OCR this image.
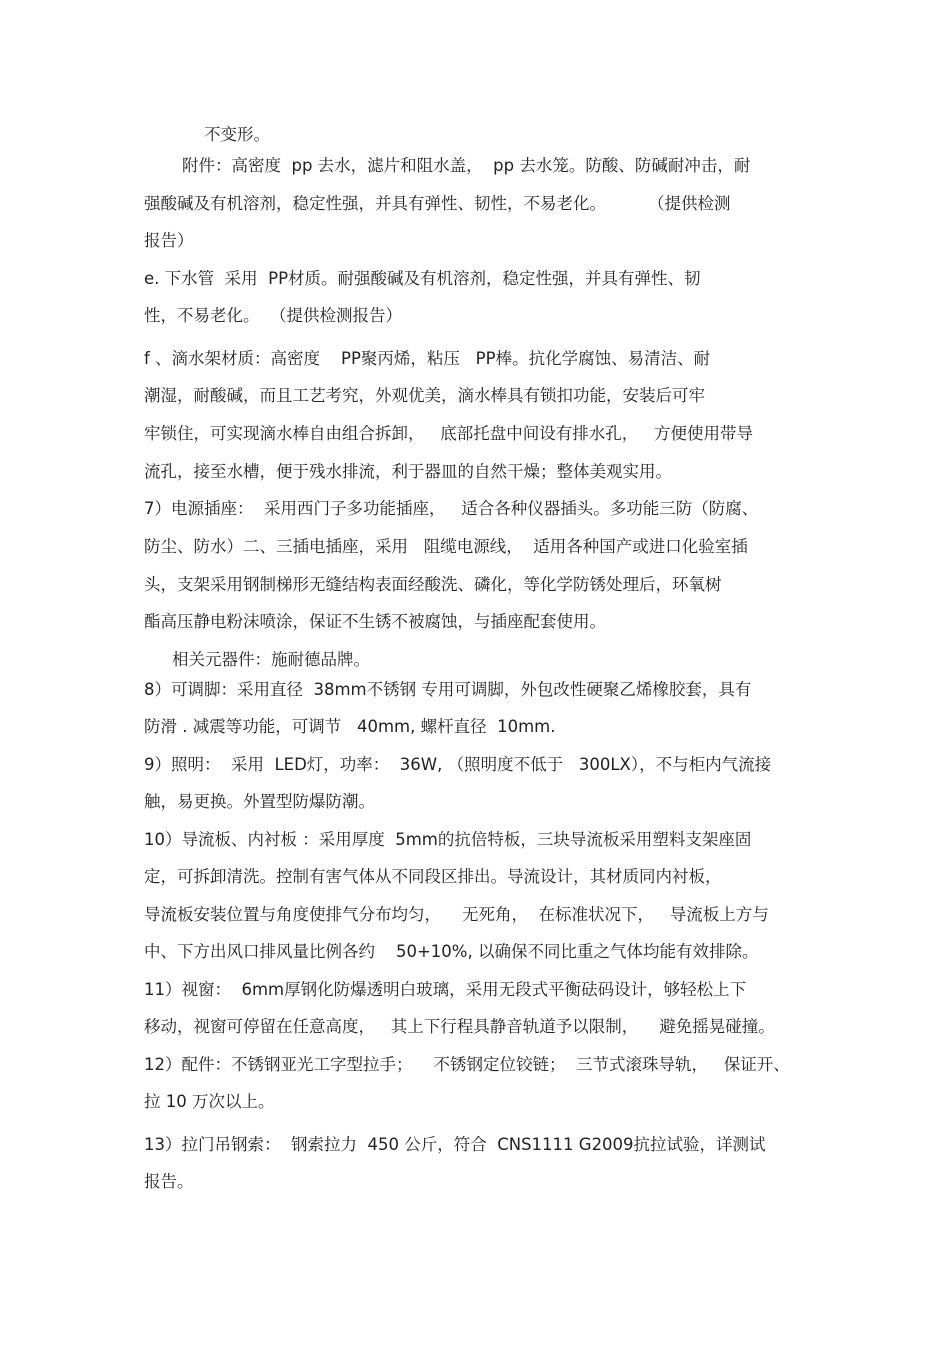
不变形。
附件：高密度  pp 去水，滤片和阻水盖，  pp 去水笼。防酸、防碱耐冲击，耐
强酸碱及有机溶剂，稳定性强，并具有弹性、韧性，不易老化。        （提供检测
报告）
e. 下水管  采用  PP材质。耐强酸碱及有机溶剂，稳定性强，并具有弹性、韧
性，不易老化。  （提供检测报告）
f 、滴水架材质：高密度    PP聚丙烯，粘压   PP棒。抗化学腐蚀、易清洁、耐
潮湿，耐酸碱，而且工艺考究，外观优美，滴水棒具有锁扣功能，安装后可牢
牢锁住，可实现滴水棒自由组合拆卸，   底部托盘中间设有排水孔，   方便使用带导
流孔，接至水槽，便于残水排流，利于器皿的自然干燥；整体美观实用。
7）电源插座：  采用西门子多功能插座，   适合各种仪器插头。多功能三防（防腐、
防尘、防水）二、三插电插座，采用   阻缆电源线，  适用各种国产或进口化验室插
头，支架采用钢制梯形无缝结构表面经酸洗、磷化，等化学防锈处理后，环氧树
酯高压静电粉沫喷涂，保证不生锈不被腐蚀，与插座配套使用。
相关元器件：施耐德品牌。
8）可调脚：采用直径  38mm不锈钢 专用可调脚，外包改性硬聚乙烯橡胶套，具有
防滑 . 减震等功能，可调节   40mm, 螺杆直径  10mm.
9）照明：  采用  LED灯，功率：  36W, （照明度不低于   300LX），不与柜内气流接
触，易更换。外置型防爆防潮。
10）导流板、内衬板 ：采用厚度  5mm的抗倍特板，三块导流板采用塑料支架座固
定，可拆卸清洗。控制有害气体从不同段区排出。导流设计，其材质同内衬板，
导流板安装位置与角度使排气分布均匀，    无死角，  在标准状况下，   导流板上方与
中、下方出风口排风量比例各约    50+10%, 以确保不同比重之气体均能有效排除。
11）视窗：  6mm厚钢化防爆透明白玻璃，采用无段式平衡砝码设计，够轻松上下
移动，视窗可停留在任意高度，   其上下行程具静音轨道予以限制，    避免摇晃碰撞。
12）配件：不锈钢亚光工字型拉手；    不锈钢定位铰链；  三节式滚珠导轨，   保证开、
拉 10 万次以上。
13）拉门吊钢索：  钢索拉力  450 公斤，符合  CNS1111 G2009抗拉试验，详测试
报告。
